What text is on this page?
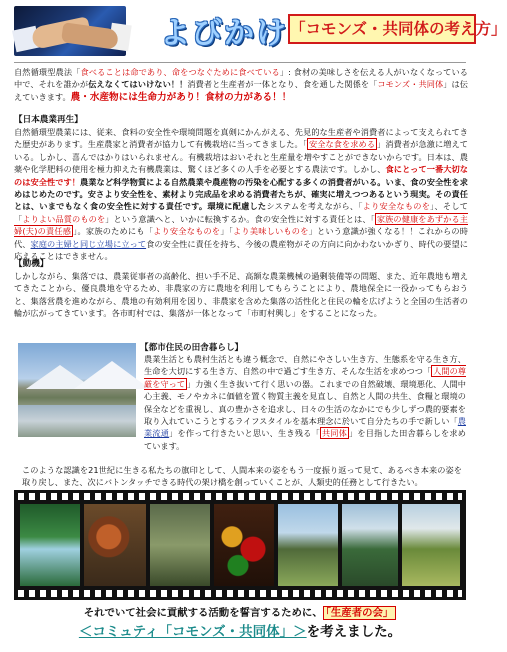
よびかけ 「コモンズ・共同体の考え方」
自然循環型農法「食べることは命であり、命をつなぐために食べている」: 食材の美味しさを伝える人がいなくなっている中で、それを誰かが伝えなくてはいけない！！消費者と生産者が一体となり、食を通した関係を「コモンズ・共同体」は伝えていきます。農・水産物には生命力があり！食材の力がある！！
【日本農業再生】
自然循環型農業には、従来、食料の安全性や環境問題を真剣にかんがえる、先見的な生産者や消費者によって支えられてきた歴史があります。生産農家と消費者が協力して有機栽培に当ってきました。「 安全な食を求める 」消費者が急激に増えている。しかし、喜んではかりはいられません。有機栽培はおいそれと生産量を増やすことができないからです。日本は、農薬や化学肥料の使用を極力抑えた有機農業は、驚くほど多くの人手を必要とする農法です。しかし、食にとって一番大切なのは安全性です！農業など科学物質による自然農業や農産物の汚染を心配する多くの消費者がいる。いま、食の安全性を求めはじめたのです。安さより安全性を、素材より完成品を求める消費者たちが、確実に増えつつあるという現実。その責任とは、いまでもなく食の安全性に対する責任です。環境に配慮したシステムを考えながら、「より安全なものを」、そして「よりよい品質のものを」という意識へと、いかに転換するか。食の安全性に対する責任とは、「 家族の健康をあずかる主婦(夫)の責任感 」。家族のためにも「より安全なものを」「より美味しいものを」という意識が強くなる！！これからの時代、家庭の主婦と同じ立場に立って食の安全性に責任を持ち、今後の農産物がその方向に向かわないかぎり、時代の要望に応えることはできません。
【動機】
しかしながら、集落では、農業従事者の高齢化、担い手不足、高額な農業機械の過剰装備等の問題、また、近年農地も増えてきたことから、優良農地を守るため、非農家の方に農地を利用してもらうことにより、農地保全に一役かってもらおうと、集落営農を進めながら、農地の有効利用を図り、非農家を含めた集落の活性化と住民の輪を広げようと全国の生活者の輪が広がってきています。各市町村では、集落が一体となって「市町村興し」をすることになった。
【都市住民の田舎暮らし】
農業生活とも農村生活とも違う概念で、自然にやさしい生き方、生態系を守る生き方、生命を大切にする生き方、自然の中で過ごす生き方、そんな生活を求めつつ「 人間の尊厳を守って 」力強く生き抜いて行く思いの器。これまでの自然破壊、環境悪化、人間中心主義、モノやカネに価値を置く物質主義を見直し、自然と人間の共生、食糧と環境の保全などを重視し、真の豊かさを追求し、日々の生活のなかにでも少しずつ農的要素を取り入れていこうとするライフスタイルを基本理念に於いて自分たちの手で新しい「農業流通」を作って行きたいと思い、生き残る「 共同体 」を目指した田舎暮らしを求めています。
このような認識を21世紀に生きる私たちの旗印として、人間本来の姿をもう一度振り返って見て、あるべき本来の姿を取り戻し、また、次にバトンタッチできる時代の架け橋を創っていくことが、人類史的任務として行きたい。
それでいて社会に貢献する活動を誓言するために、 「生産者の会」
＜コミュティ「コモンズ・共同体」＞を考えました。
